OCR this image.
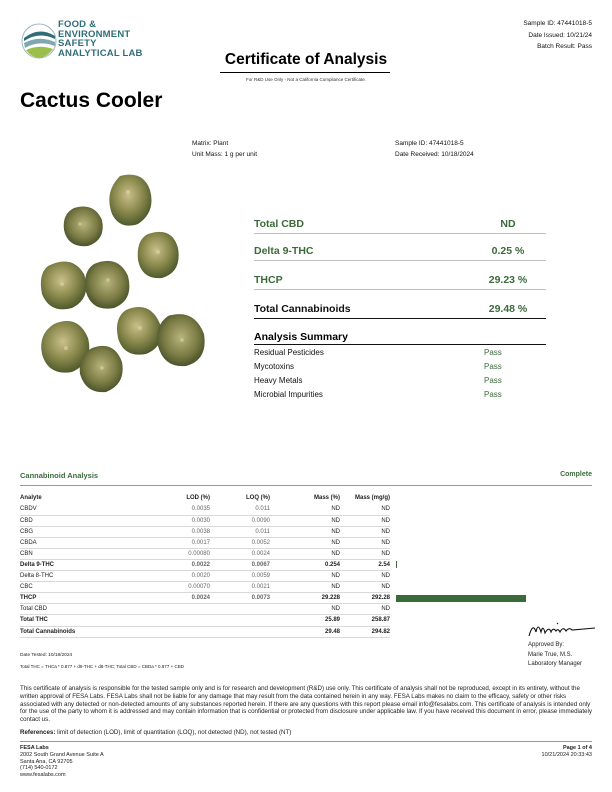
FOOD &
ENVIRONMENT
SAFETY
ANALYTICAL LAB
Sample ID: 47441018-5
Date Issued: 10/21/24
Batch Result: Pass
Certificate of Analysis
For R&D Use Only - Not a California Compliance Certificate.
Cactus Cooler
Matrix: Plant
Unit Mass: 1 g per unit
Sample ID: 47441018-5
Date Received: 10/18/2024
Total CBD	ND
Delta 9-THC	0.25 %
THCP	29.23 %
Total Cannabinoids	29.48 %
Analysis Summary
Residual Pesticides	Pass
Mycotoxins	Pass
Heavy Metals	Pass
Microbial Impurities	Pass
Cannabinoid Analysis	Complete
Analyte	LOD (%)	LOQ (%)	Mass (%)	Mass (mg/g)	
CBDV	0.0035	0.011	ND	ND	
CBD	0.0030	0.0090	ND	ND	
CBG	0.0038	0.011	ND	ND	
CBDA	0.0017	0.0052	ND	ND	
CBN	0.00080	0.0024	ND	ND	
Delta 9-THC	0.0022	0.0067	0.254	2.54	
Delta 8-THC	0.0020	0.0059	ND	ND	
CBC	0.00070	0.0021	ND	ND	
THCP	0.0024	0.0073	29.228	292.28	
Total CBD			ND	ND	
Total THC			25.89	258.87	
Total Cannabinoids			29.48	294.82	
Date Tested: 10/18/2024
Total THC = THCa * 0.877 + d9-THC + d8-THC; Total CBD = CBDa * 0.877 + CBD
Approved By:
Marie True, M.S.
Laboratory Manager
This certificate of analysis is responsible for the tested sample only and is for research and development (R&D) use only. This certificate of analysis shall not be reproduced, except in its entirety, without the written approval of FESA Labs. FESA Labs shall not be liable for any damage that may result from the data contained herein in any way. FESA Labs makes no claim to the efficacy, safety or other risks associated with any detected or non-detected amounts of any substances reported herein. If there are any questions with this report please email info@fesalabs.com. This certificate of analysis is intended only for the use of the party to whom it is addressed and may contain information that is confidential or protected from disclosure under applicable law. If you have received this document in error, please immediately contact us.
References: limit of detection (LOD), limit of quantitation (LOQ), not detected (ND), not tested (NT)
FESA Labs
2002 South Grand Avenue Suite A
Santa Ana, CA 92705
(714) 540-0172
www.fesalabs.com
Page 1 of 4
10/21/2024 20:33:43
